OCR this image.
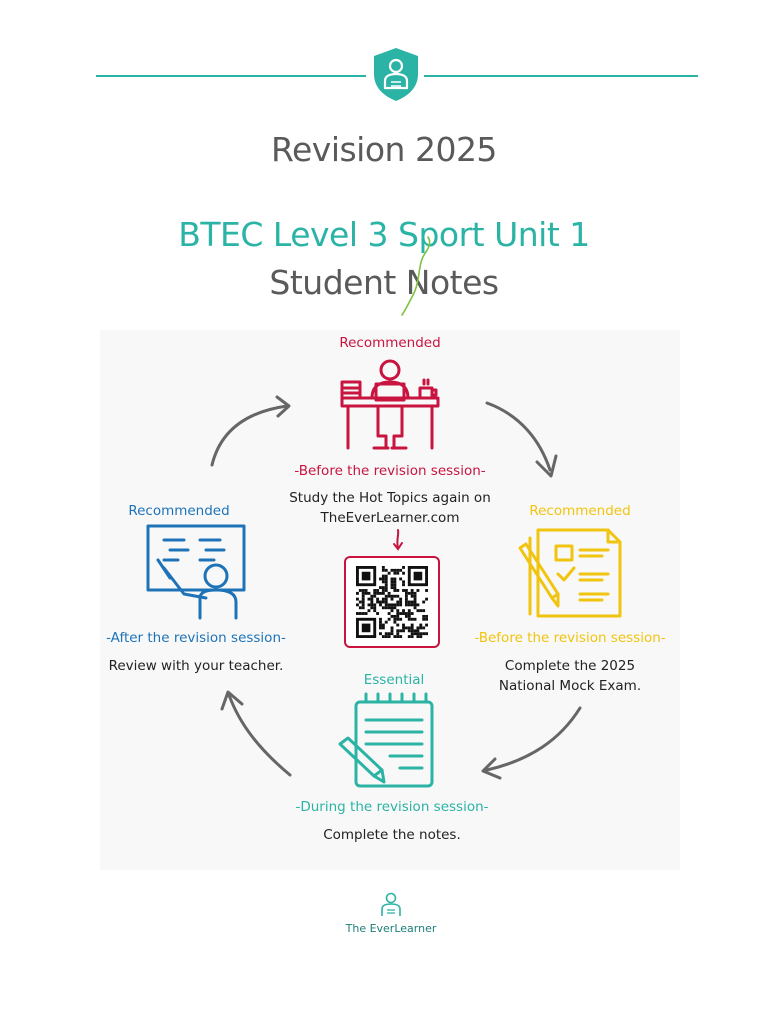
Revision 2025
BTEC Level 3 Sport Unit 1
Student Notes
Recommended
-Before the revision session-
Study the Hot Topics again on
TheEverLearner.com	Recommended
-Before the revision session-
Complete the 2025
National Mock Exam.
Essential
-During the revision session-
Complete the notes.
Recommended
-After the revision session-
Review with your teacher.
The EverLearner
